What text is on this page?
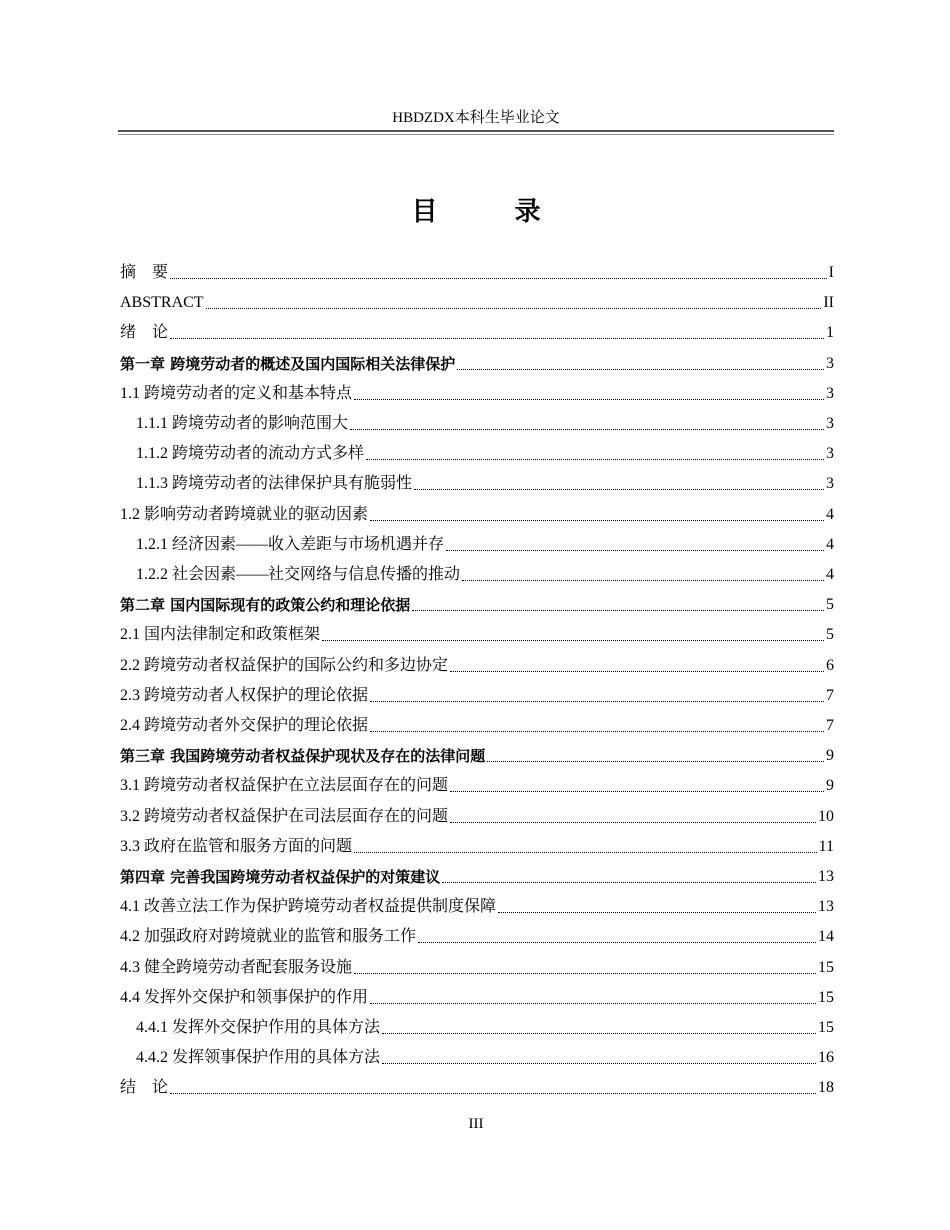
HBDZDX本科生毕业论文
目 录
摘　要	I
ABSTRACT	II
绪　论	1
第一章 跨境劳动者的概述及国内国际相关法律保护	3
1.1 跨境劳动者的定义和基本特点	3
1.1.1 跨境劳动者的影响范围大	3
1.1.2 跨境劳动者的流动方式多样	3
1.1.3 跨境劳动者的法律保护具有脆弱性	3
1.2 影响劳动者跨境就业的驱动因素	4
1.2.1 经济因素——收入差距与市场机遇并存	4
1.2.2 社会因素——社交网络与信息传播的推动	4
第二章 国内国际现有的政策公约和理论依据	5
2.1 国内法律制定和政策框架	5
2.2 跨境劳动者权益保护的国际公约和多边协定	6
2.3 跨境劳动者人权保护的理论依据	7
2.4 跨境劳动者外交保护的理论依据	7
第三章 我国跨境劳动者权益保护现状及存在的法律问题	9
3.1 跨境劳动者权益保护在立法层面存在的问题	9
3.2 跨境劳动者权益保护在司法层面存在的问题	10
3.3 政府在监管和服务方面的问题	11
第四章 完善我国跨境劳动者权益保护的对策建议	13
4.1 改善立法工作为保护跨境劳动者权益提供制度保障	13
4.2 加强政府对跨境就业的监管和服务工作	14
4.3 健全跨境劳动者配套服务设施	15
4.4 发挥外交保护和领事保护的作用	15
4.4.1 发挥外交保护作用的具体方法	15
4.4.2 发挥领事保护作用的具体方法	16
结　论	18
III
